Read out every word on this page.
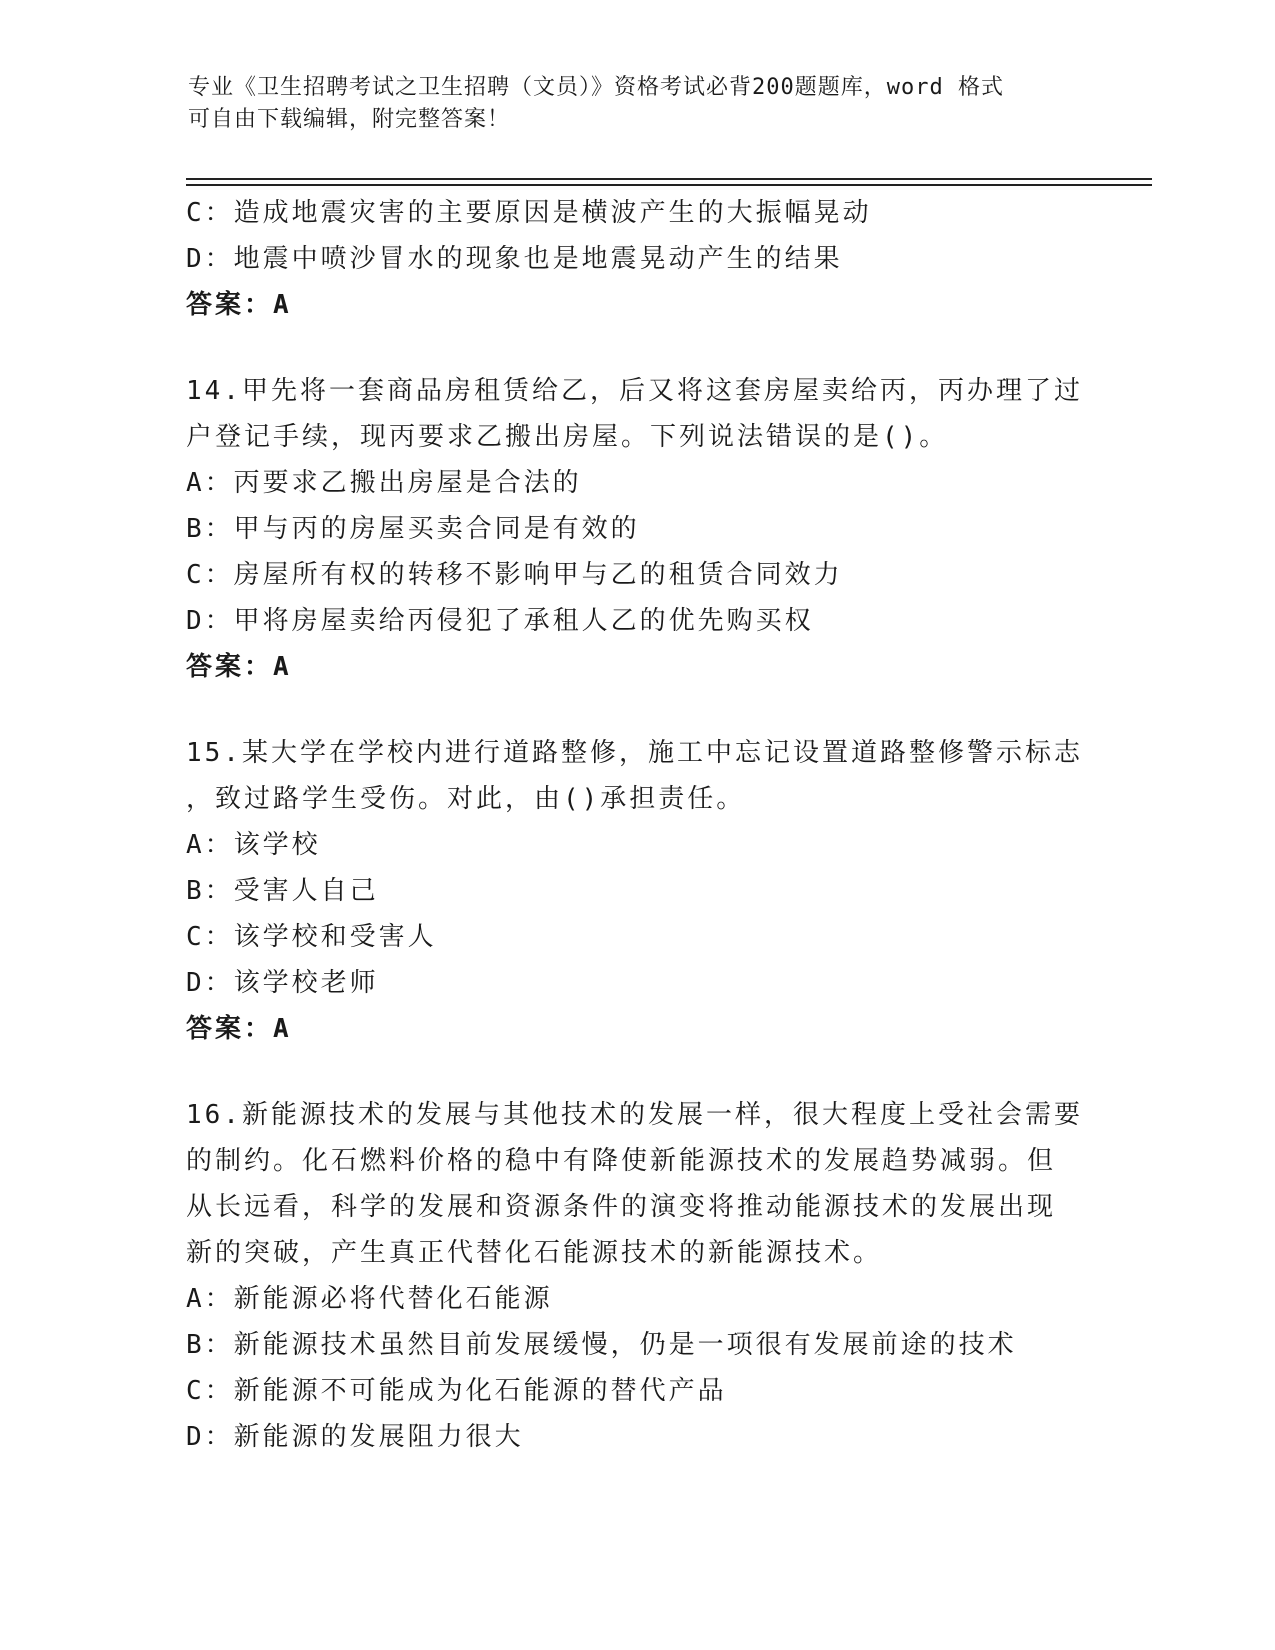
专业《卫生招聘考试之卫生招聘（文员）》资格考试必背200题题库，word 格式
可自由下载编辑，附完整答案！
C：造成地震灾害的主要原因是横波产生的大振幅晃动
D：地震中喷沙冒水的现象也是地震晃动产生的结果
答案：A
14.甲先将一套商品房租赁给乙，后又将这套房屋卖给丙，丙办理了过
户登记手续，现丙要求乙搬出房屋。下列说法错误的是()。
A：丙要求乙搬出房屋是合法的
B：甲与丙的房屋买卖合同是有效的
C：房屋所有权的转移不影响甲与乙的租赁合同效力
D：甲将房屋卖给丙侵犯了承租人乙的优先购买权
答案：A
15.某大学在学校内进行道路整修，施工中忘记设置道路整修警示标志
，致过路学生受伤。对此，由()承担责任。
A：该学校
B：受害人自己
C：该学校和受害人
D：该学校老师
答案：A
16.新能源技术的发展与其他技术的发展一样，很大程度上受社会需要
的制约。化石燃料价格的稳中有降使新能源技术的发展趋势减弱。但
从长远看，科学的发展和资源条件的演变将推动能源技术的发展出现
新的突破，产生真正代替化石能源技术的新能源技术。
A：新能源必将代替化石能源
B：新能源技术虽然目前发展缓慢，仍是一项很有发展前途的技术
C：新能源不可能成为化石能源的替代产品
D：新能源的发展阻力很大
